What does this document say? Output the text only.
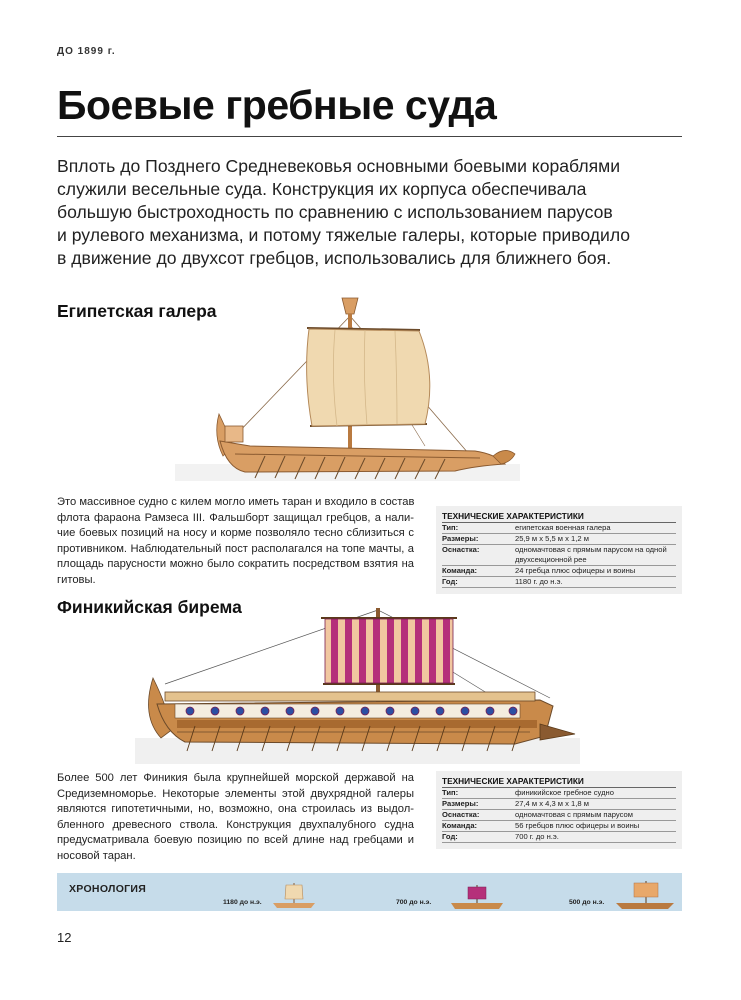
ДО 1899 г.
Боевые гребные суда
Вплоть до Позднего Средневековья основными боевыми кораблями
служили весельные суда. Конструкция их корпуса обеспечивала
большую быстроходность по сравнению с использованием парусов
и рулевого механизма, и потому тяжелые галеры, которые приводило
в движение до двухсот гребцов, использовались для ближнего боя.
Египетская галера
Это массивное судно с килем могло иметь таран и входило в состав
флота фараона Рамзеса III. Фальшборт защищал гребцов, а нали-
чие боевых позиций на носу и корме позволяло тесно сблизиться с
противником. Наблюдательный пост располагался на топе мачты, а
площадь парусности можно было сократить посредством взятия на
гитовы.
ТЕХНИЧЕСКИЕ ХАРАКТЕРИСТИКИ
Тип:	египетская военная галера
Размеры:	25,9 м х 5,5 м х 1,2 м
Оснастка:	одномачтовая с прямым парусом на одной двухсекционной рее
Команда:	24 гребца плюс офицеры и воины
Год:	1180 г. до н.э.
Финикийская бирема
Более 500 лет Финикия была крупнейшей морской державой на
Средиземноморье. Некоторые элементы этой двухрядной галеры
являются гипотетичными, но, возможно, она строилась из выдол-
бленного древесного ствола. Конструкция двухпалубного судна
предусматривала боевую позицию по всей длине над гребцами и
носовой таран.
ТЕХНИЧЕСКИЕ ХАРАКТЕРИСТИКИ
Тип:	финикийское гребное судно
Размеры:	27,4 м х 4,3 м х 1,8 м
Оснастка:	одномачтовая с прямым парусом
Команда:	56 гребцов плюс офицеры и воины
Год:	700 г. до н.э.
ХРОНОЛОГИЯ
1180 до н.э.	700 до н.э.	500 до н.э.
12
